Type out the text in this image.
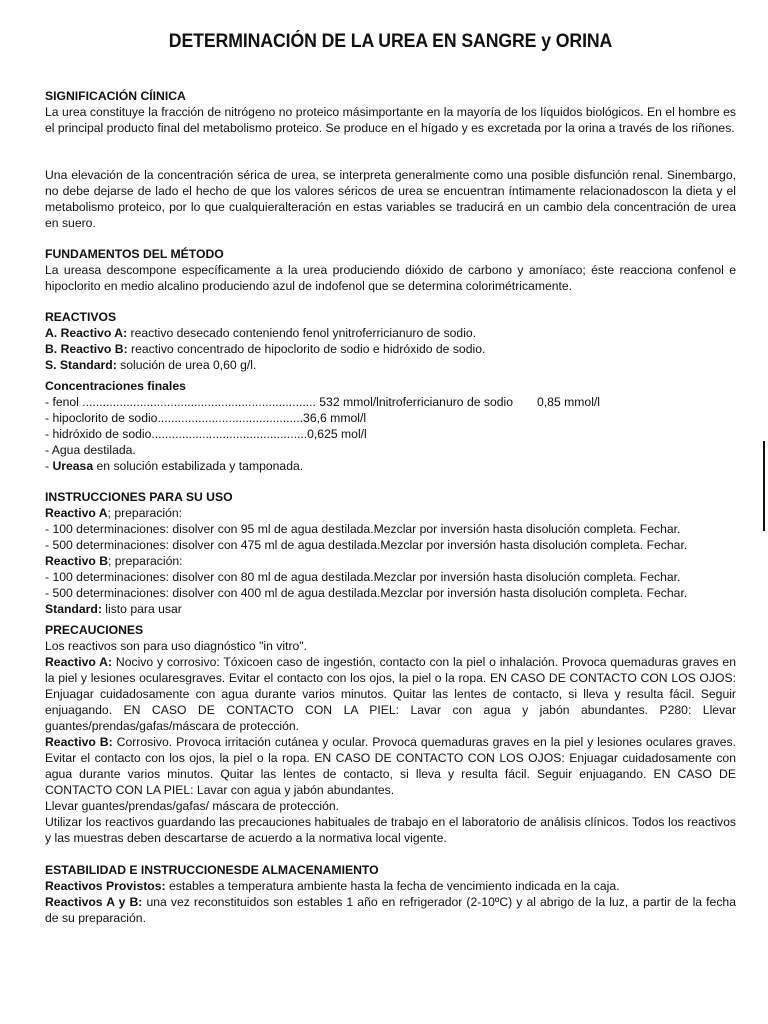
DETERMINACIÓN DE LA UREA EN SANGRE y ORINA
SIGNIFICACIÓN CÍINICA

La urea constituye la fracción de nitrógeno no proteico másimportante en la mayoría de los líquidos biológicos. En el hombre es el principal producto final del metabolismo proteico. Se produce en el hígado y es excretada por la orina a través de los riñones.

Una elevación de la concentración sérica de urea, se interpreta generalmente como una posible disfunción renal. Sinembargo, no debe dejarse de lado el hecho de que los valores séricos de urea se encuentran íntimamente relacionadoscon la dieta y el metabolismo proteico, por lo que cualquieralteración en estas variables se traducirá en un cambio dela concentración de urea en suero.

FUNDAMENTOS DEL MÉTODO

La ureasa descompone específicamente a la urea produciendo dióxido de carbono y amoníaco; éste reacciona confenol e hipoclorito en medio alcalino produciendo azul de indofenol que se determina colorimétricamente.

REACTIVOS
A. Reactivo A: reactivo desecado conteniendo fenol ynitroferricianuro de sodio.
B. Reactivo B: reactivo concentrado de hipoclorito de sodio e hidróxido de sodio.
S. Standard: solución de urea 0,60 g/l.
Concentraciones finales
- fenol ..................................................................... 532 mmol/lnitroferricianuro de sodio 0,85 mmol/l
- hipoclorito de sodio...........................................36,6 mmol/l
- hidróxido de sodio..............................................0,625 mol/l
- Agua destilada.
- Ureasa en solución estabilizada y tamponada.
INSTRUCCIONES PARA SU USO
Reactivo A; preparación:
- 100 determinaciones: disolver con 95 ml de agua destilada.Mezclar por inversión hasta disolución completa. Fechar.
- 500 determinaciones: disolver con 475 ml de agua destilada.Mezclar por inversión hasta disolución completa. Fechar.
Reactivo B; preparación:
- 100 determinaciones: disolver con 80 ml de agua destilada.Mezclar por inversión hasta disolución completa. Fechar.
- 500 determinaciones: disolver con 400 ml de agua destilada.Mezclar por inversión hasta disolución completa. Fechar.
Standard: listo para usar
PRECAUCIONES

Los reactivos son para uso diagnóstico "in vitro".

Reactivo A: Nocivo y corrosivo: Tóxicoen caso de ingestión, contacto con la piel o inhalación. Provoca quemaduras graves en la piel y lesiones ocularesgraves. Evitar el contacto con los ojos, la piel o la ropa. EN CASO DE CONTACTO CON LOS OJOS: Enjuagar cuidadosamente con agua durante varios minutos. Quitar las lentes de contacto, si lleva y resulta fácil. Seguir enjuagando. EN CASO DE CONTACTO CON LA PIEL: Lavar con agua y jabón abundantes. P280: Llevar guantes/prendas/gafas/máscara de protección.

Reactivo B: Corrosivo. Provoca irritación cutánea y ocular. Provoca quemaduras graves en la piel y lesiones oculares graves. Evitar el contacto con los ojos, la piel o la ropa. EN CASO DE CONTACTO CON LOS OJOS: Enjuagar cuidadosamente con agua durante varios minutos. Quitar las lentes de contacto, si lleva y resulta fácil. Seguir enjuagando. EN CASO DE CONTACTO CON LA PIEL: Lavar con agua y jabón abundantes.

Llevar guantes/prendas/gafas/ máscara de protección.

Utilizar los reactivos guardando las precauciones habituales de trabajo en el laboratorio de análisis clínicos. Todos los reactivos y las muestras deben descartarse de acuerdo a la normativa local vigente.

ESTABILIDAD E INSTRUCCIONESDE ALMACENAMIENTO

Reactivos Provistos: estables a temperatura ambiente hasta la fecha de vencimiento indicada en la caja.

Reactivos A y B: una vez reconstituidos son estables 1 año en refrigerador (2-10ºC) y al abrigo de la luz, a partir de la fecha de su preparación.
